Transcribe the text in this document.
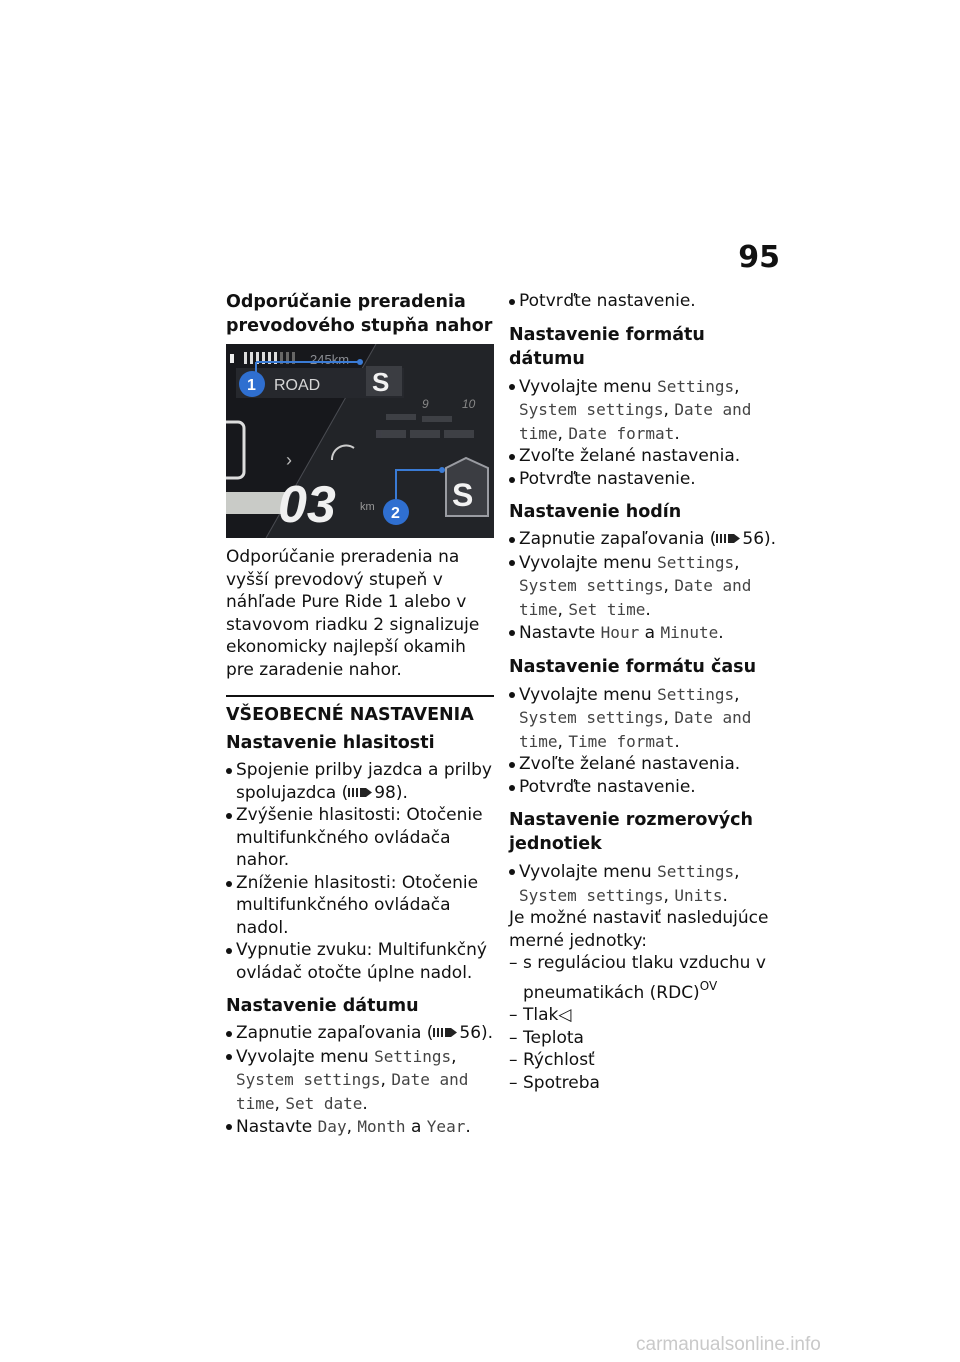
95
Odporúčanie preradenia
prevodového stupňa nahor
245km
ROAD S
1
9	10
›
03 km 2
S

Odporúčanie preradenia na vyšší prevodový stupeň v náhľade Pure Ride 1 alebo v stavovom riadku 2 signalizuje ekonomicky najlepší okamih pre zaradenie nahor.

VŠEOBECNÉ NASTAVENIA
Nastavenie hlasitosti
Spojenie prilby jazdca a prilby spolujazdca ( 98).
Zvýšenie hlasitosti: Otočenie multifunkčného ovládača nahor.
Zníženie hlasitosti: Otočenie multifunkčného ovládača nadol.
Vypnutie zvuku: Multifunkčný ovládač otočte úplne nadol.
Nastavenie dátumu
Zapnutie zapaľovania ( 56).
Vyvolajte menu Settings, System settings, Date and time, Set date.
Nastavte Day, Month a Year.
Potvrďte nastavenie.
Nastavenie formátu dátumu
Vyvolajte menu Settings, System settings, Date and time, Date format.
Zvoľte želané nastavenia.
Potvrďte nastavenie.
Nastavenie hodín
Zapnutie zapaľovania ( 56).
Vyvolajte menu Settings, System settings, Date and time, Set time.
Nastavte Hour a Minute.
Nastavenie formátu času
Vyvolajte menu Settings, System settings, Date and time, Time format.
Zvoľte želané nastavenia.
Potvrďte nastavenie.
Nastavenie rozmerových
jednotiek
Vyvolajte menu Settings, System settings, Units.

Je možné nastaviť nasledujúce merné jednotky:

– s reguláciou tlaku vzduchu v pneumatikách (RDC)$^{OV}$
– Tlak◁
– Teplota
– Rýchlosť
– Spotreba
carmanualsonline.info
